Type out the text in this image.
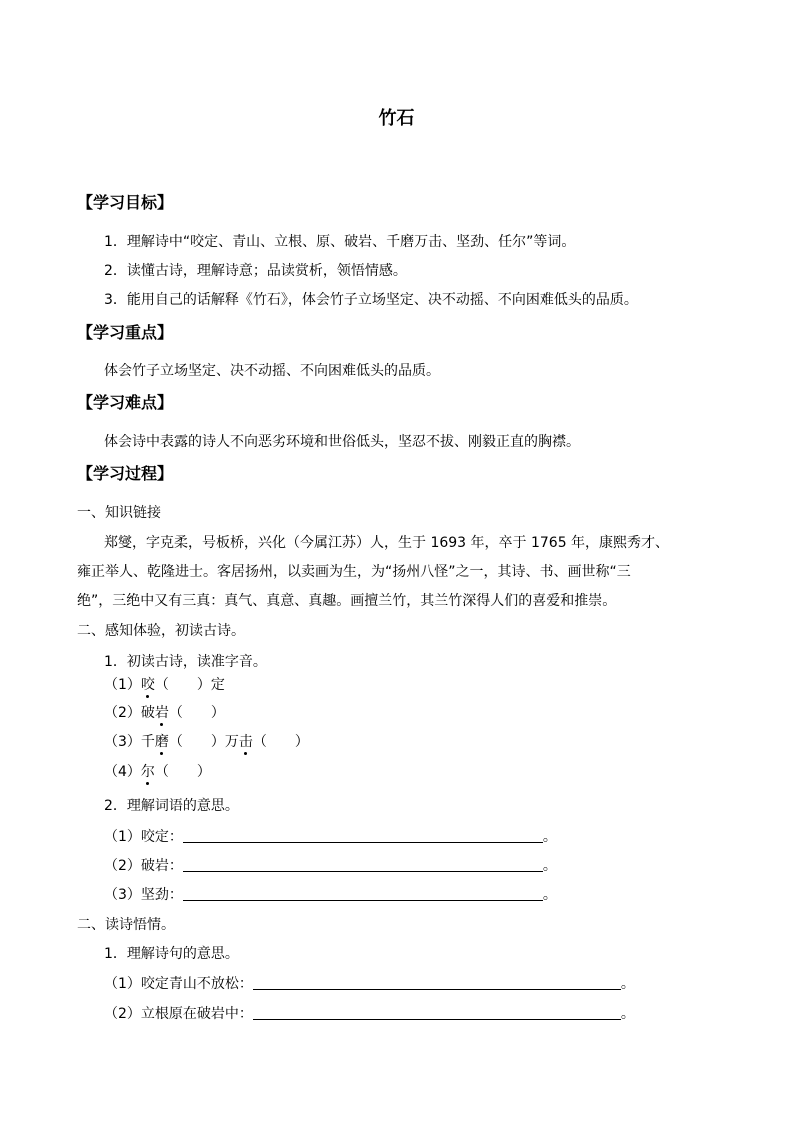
竹石
【学习目标】
1．理解诗中“咬定、青山、立根、原、破岩、千磨万击、坚劲、任尔”等词。
2．读懂古诗，理解诗意；品读赏析，领悟情感。
3．能用自己的话解释《竹石》，体会竹子立场坚定、决不动摇、不向困难低头的品质。
【学习重点】
体会竹子立场坚定、决不动摇、不向困难低头的品质。
【学习难点】
体会诗中表露的诗人不向恶劣环境和世俗低头，坚忍不拔、刚毅正直的胸襟。
【学习过程】
一、知识链接
郑燮，字克柔，号板桥，兴化（今属江苏）人，生于 1693 年，卒于 1765 年，康熙秀才、
雍正举人、乾隆进士。客居扬州，以卖画为生，为“扬州八怪”之一，其诗、书、画世称“三
绝”，三绝中又有三真：真气、真意、真趣。画擅兰竹，其兰竹深得人们的喜爱和推崇。
二、感知体验，初读古诗。
1．初读古诗，读准字音。
（1）咬（　　）定
（2）破岩（　　）
（3）千磨（　　）万击（　　）
（4）尔（　　）
2．理解词语的意思。
（1）咬定：	。
（2）破岩：	。
（3）坚劲：	。
二、读诗悟情。
1．理解诗句的意思。
（1）咬定青山不放松：	。
（2）立根原在破岩中：	。
